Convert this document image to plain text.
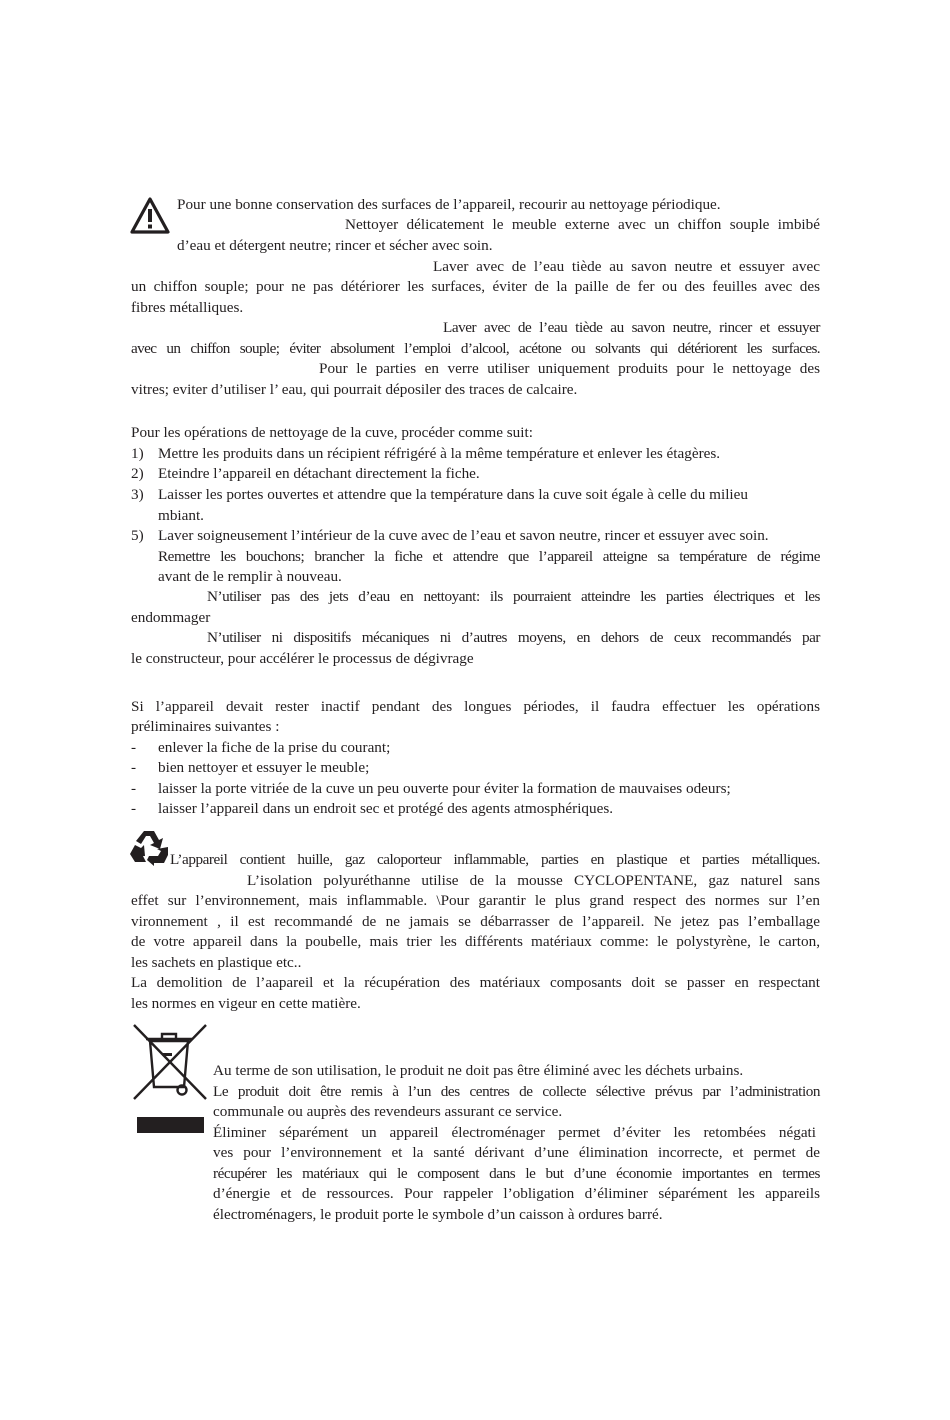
Pour une bonne conservation des surfaces de l’appareil, recourir au nettoyage périodique.
Nettoyer délicatement le meuble externe avec un chiffon souple imbibé
d’eau et détergent neutre; rincer et sécher avec soin.
Laver avec de l’eau tiède au savon neutre et essuyer avec
un chiffon souple; pour ne pas détériorer les surfaces, éviter de la paille de fer ou des feuilles avec des
fibres métalliques.
Laver avec de l’eau tiède au savon neutre, rincer et essuyer
avec un chiffon souple; éviter absolument l’emploi d’alcool, acétone ou solvants qui détériorent les surfaces.
Pour le parties en verre utiliser uniquement produits pour le nettoyage des
vitres; eviter d’utiliser l’ eau, qui pourrait déposiler des traces de calcaire.
Pour les opérations de nettoyage de la cuve, procéder comme suit:
1) Mettre les produits dans un récipient réfrigéré à la même température et enlever les étagères.
2) Eteindre l’appareil en détachant directement la fiche.
3) Laisser les portes ouvertes et attendre que la température dans la cuve soit égale à celle du milieu
mbiant.
5) Laver soigneusement l’intérieur de la cuve avec de l’eau et savon neutre, rincer et essuyer avec soin.
Remettre les bouchons; brancher la fiche et attendre que l’appareil atteigne sa température de régime
avant de le remplir à nouveau.
N’utiliser pas des jets d’eau en nettoyant: ils pourraient atteindre les parties électriques et les
endommager
N’utiliser ni dispositifs mécaniques ni d’autres moyens, en dehors de ceux recommandés par
le constructeur, pour accélérer le processus de dégivrage
Si l’appareil devait rester inactif pendant des longues périodes, il faudra effectuer les opérations
préliminaires suivantes :
- enlever la fiche de la prise du courant;
- bien nettoyer et essuyer le meuble;
- laisser la porte vitriée de la cuve un peu ouverte pour éviter la formation de mauvaises odeurs;
- laisser l’appareil dans un endroit sec et protégé des agents atmosphériques.
L’appareil contient huille, gaz caloporteur inflammable, parties en plastique et parties métalliques.
L’isolation polyuréthanne utilise de la mousse CYCLOPENTANE, gaz naturel sans
effet sur l’environnement, mais inflammable. \Pour garantir le plus grand respect des normes sur l’en
vironnement , il est recommandé de ne jamais se débarrasser de l’appareil. Ne jetez pas l’emballage
de votre appareil dans la poubelle, mais trier les différents matériaux comme: le polystyrène, le carton,
les sachets en plastique etc..
La demolition de l’aapareil et la récupération des matériaux composants doit se passer en respectant
les normes en vigeur en cette matière.
Au terme de son utilisation, le produit ne doit pas être éliminé avec les déchets urbains.
Le produit doit être remis à l’un des centres de collecte sélective prévus par l’administration
communale ou auprès des revendeurs assurant ce service.
Éliminer séparément un appareil électroménager permet d’éviter les retombées négati
ves pour l’environnement et la santé dérivant d’une élimination incorrecte, et permet de
récupérer les matériaux qui le composent dans le but d’une économie importantes en termes
d’énergie et de ressources. Pour rappeler l’obligation d’éliminer séparément les appareils
électroménagers, le produit porte le symbole d’un caisson à ordures barré.
